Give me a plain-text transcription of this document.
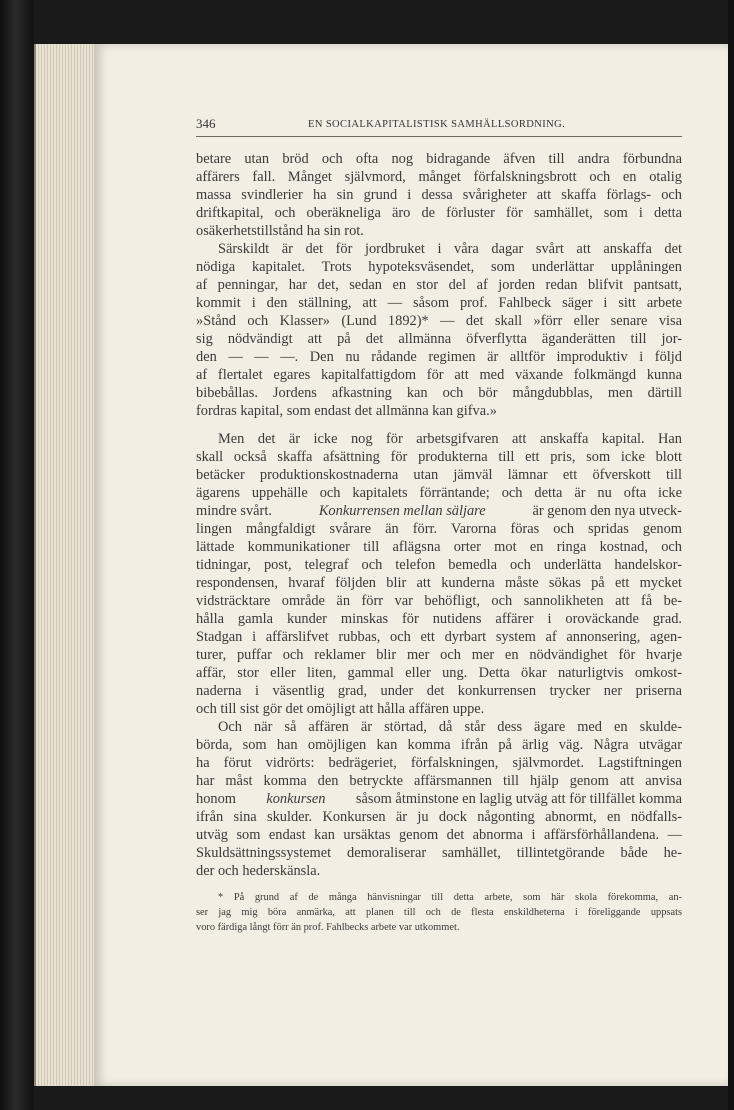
346	EN SOCIALKAPITALISTISK SAMHÄLLSORDNING.
betare utan bröd och ofta nog bidragande äfven till andra förbundna
affärers fall. Månget självmord, månget förfalskningsbrott och en otalig
massa svindlerier ha sin grund i dessa svårigheter att skaffa förlags- och
driftkapital, och oberäkneliga äro de förluster för samhället, som i detta
osäkerhetstillstånd ha sin rot.
Särskildt är det för jordbruket i våra dagar svårt att anskaffa det
nödiga kapitalet. Trots hypoteksväsendet, som underlättar upplåningen
af penningar, har det, sedan en stor del af jorden redan blifvit pantsatt,
kommit i den ställning, att — såsom prof. Fahlbeck säger i sitt arbete
»Stånd och Klasser» (Lund 1892)* — det skall »förr eller senare visa
sig nödvändigt att på det allmänna öfverflytta äganderätten till jor-
den — — —. Den nu rådande regimen är alltför improduktiv i följd
af flertalet egares kapitalfattigdom för att med växande folkmängd kunna
bibebållas. Jordens afkastning kan och bör mångdubblas, men därtill
fordras kapital, som endast det allmänna kan gifva.»
Men det är icke nog för arbetsgifvaren att anskaffa kapital. Han
skall också skaffa afsättning för produkterna till ett pris, som icke blott
betäcker produktionskostnaderna utan jämväl lämnar ett öfverskott till
ägarens uppehälle och kapitalets förräntande; och detta är nu ofta icke
mindre svårt.	Konkurrensen mellan säljare	är genom den nya utveck-
lingen mångfaldigt svårare än förr. Varorna föras och spridas genom
lättade kommunikationer till aflägsna orter mot en ringa kostnad, och
tidningar, post, telegraf och telefon bemedla och underlätta handelskor-
respondensen, hvaraf följden blir att kunderna måste sökas på ett mycket
vidsträcktare område än förr var behöfligt, och sannolikheten att få be-
hålla gamla kunder minskas för nutidens affärer i oroväckande grad.
Stadgan i affärslifvet rubbas, och ett dyrbart system af annonsering, agen-
turer, puffar och reklamer blir mer och mer en nödvändighet för hvarje
affär, stor eller liten, gammal eller ung. Detta ökar naturligtvis omkost-
naderna i väsentlig grad, under det konkurrensen trycker ner priserna
och till sist gör det omöjligt att hålla affären uppe.
Och när så affären är störtad, då står dess ägare med en skulde-
börda, som han omöjligen kan komma ifrån på ärlig väg. Några utvägar
ha förut vidrörts: bedrägeriet, förfalskningen, självmordet. Lagstiftningen
har måst komma den betryckte affärsmannen till hjälp genom att anvisa
honom konkursen såsom åtminstone en laglig utväg att för tillfället komma
ifrån sina skulder. Konkursen är ju dock någonting abnormt, en nödfalls-
utväg som endast kan ursäktas genom det abnorma i affärsförhållandena. —
Skuldsättningssystemet demoraliserar samhället, tillintetgörande både he-
der och hederskänsla.
* På grund af de många hänvisningar till detta arbete, som här skola förekomma, an-
ser jag mig böra anmärka, att planen till och de flesta enskildheterna i föreliggande uppsats
voro färdiga långt förr än prof. Fahlbecks arbete var utkommet.
